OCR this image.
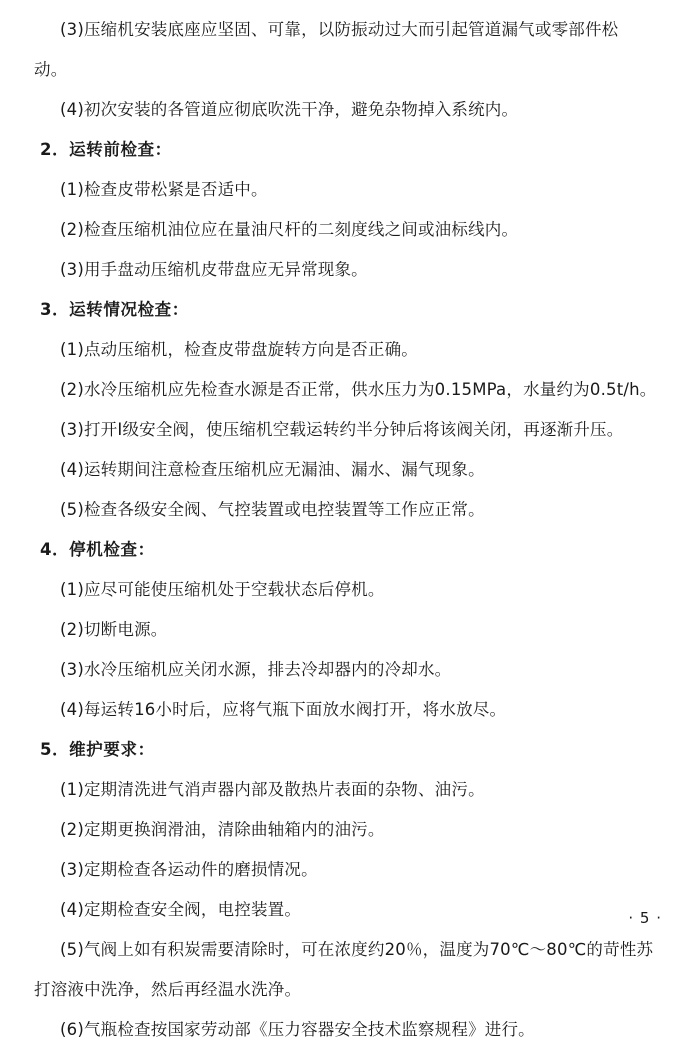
(3)压缩机安装底座应坚固、可靠，以防振动过大而引起管道漏气或零部件松
动。
(4)初次安装的各管道应彻底吹洗干净，避免杂物掉入系统内。
2．运转前检查：
(1)检查皮带松紧是否适中。
(2)检查压缩机油位应在量油尺杆的二刻度线之间或油标线内。
(3)用手盘动压缩机皮带盘应无异常现象。
3．运转情况检查：
(1)点动压缩机，检查皮带盘旋转方向是否正确。
(2)水冷压缩机应先检查水源是否正常，供水压力为0.15MPa，水量约为0.5t/h。
(3)打开Ⅰ级安全阀，使压缩机空载运转约半分钟后将该阀关闭，再逐渐升压。
(4)运转期间注意检查压缩机应无漏油、漏水、漏气现象。
(5)检查各级安全阀、气控装置或电控装置等工作应正常。
4．停机检查：
(1)应尽可能使压缩机处于空载状态后停机。
(2)切断电源。
(3)水冷压缩机应关闭水源，排去冷却器内的冷却水。
(4)每运转16小时后，应将气瓶下面放水阀打开，将水放尽。
5．维护要求：
(1)定期清洗进气消声器内部及散热片表面的杂物、油污。
(2)定期更换润滑油，清除曲轴箱内的油污。
(3)定期检查各运动件的磨损情况。
(4)定期检查安全阀，电控装置。
(5)气阀上如有积炭需要清除时，可在浓度约20％，温度为70℃～80℃的苛性苏
打溶液中洗净，然后再经温水洗净。
(6)气瓶检查按国家劳动部《压力容器安全技术监察规程》进行。
· 5 ·
